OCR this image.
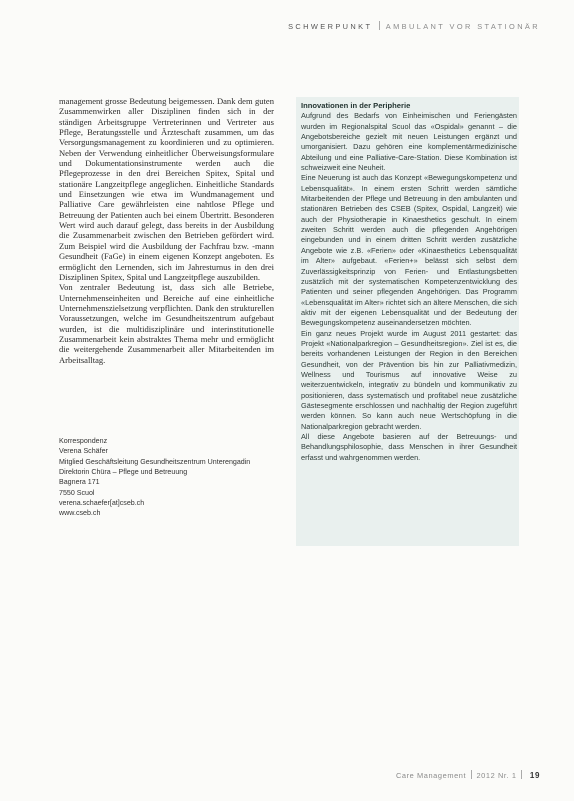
SCHWERPUNKT AMBULANT VOR STATIONÄR

management grosse Bedeutung beigemessen. Dank dem guten Zusammenwirken aller Disziplinen finden sich in der ständigen Arbeitsgruppe Vertreterinnen und Vertreter aus Pflege, Beratungsstelle und Ärzteschaft zusammen, um das Versorgungsmanagement zu koordinieren und zu optimieren. Neben der Verwendung einheitlicher Überweisungsformulare und Dokumentationsinstrumente werden auch die Pflegeprozesse in den drei Bereichen Spitex, Spital und stationäre Langzeitpflege angeglichen. Einheitliche Standards und Einsetzungen wie etwa im Wundmanagement und Palliative Care gewährleisten eine nahtlose Pflege und Betreuung der Patienten auch bei einem Übertritt. Besonderen Wert wird auch darauf gelegt, dass bereits in der Ausbildung die Zusammenarbeit zwischen den Betrieben gefördert wird. Zum Beispiel wird die Ausbildung der Fachfrau bzw. -mann Gesundheit (FaGe) in einem eigenen Konzept angeboten. Es ermöglicht den Lernenden, sich im Jahresturnus in den drei Disziplinen Spitex, Spital und Langzeitpflege auszubilden.

Von zentraler Bedeutung ist, dass sich alle Betriebe, Unternehmenseinheiten und Bereiche auf eine einheitliche Unternehmenszielsetzung verpflichten. Dank den strukturellen Voraussetzungen, welche im Gesundheitszentrum aufgebaut wurden, ist die multidisziplinäre und interinstitutionelle Zusammenarbeit kein abstraktes Thema mehr und ermöglicht die weitergehende Zusammenarbeit aller Mitarbeitenden im Arbeitsalltag.

Korrespondenz
Verena Schäfer
Mitglied Geschäftsleitung Gesundheitszentrum Unterengadin
Direktorin Chüra – Pflege und Betreuung
Bagnera 171
7550 Scuol
verena.schaefer[at]cseb.ch
www.cseb.ch
Innovationen in der Peripherie

Aufgrund des Bedarfs von Einheimischen und Feriengästen wurden im Regionalspital Scuol das «Ospidal» genannt – die Angebotsbereiche gezielt mit neuen Leistungen ergänzt und umorganisiert. Dazu gehören eine komplementärmedizinische Abteilung und eine Palliative-Care-Station. Diese Kombination ist schweizweit eine Neuheit.

Eine Neuerung ist auch das Konzept «Bewegungskompetenz und Lebensqualität». In einem ersten Schritt werden sämtliche Mitarbeitenden der Pflege und Betreuung in den ambulanten und stationären Betrieben des CSEB (Spitex, Ospidal, Langzeit) wie auch der Physiotherapie in Kinaesthetics geschult. In einem zweiten Schritt werden auch die pflegenden Angehörigen eingebunden und in einem dritten Schritt werden zusätzliche Angebote wie z.B. «Ferien» oder «Kinaesthetics Lebensqualität im Alter» aufgebaut. «Ferien+» belässt sich selbst dem Zuverlässigkeitsprinzip von Ferien- und Entlastungsbetten zusätzlich mit der systematischen Kompetenzentwicklung des Patienten und seiner pflegenden Angehörigen. Das Programm «Lebensqualität im Alter» richtet sich an ältere Menschen, die sich aktiv mit der eigenen Lebensqualität und der Bedeutung der Bewegungskompetenz auseinandersetzen möchten.

Ein ganz neues Projekt wurde im August 2011 gestartet: das Projekt «Nationalparkregion – Gesundheitsregion». Ziel ist es, die bereits vorhandenen Leistungen der Region in den Bereichen Gesundheit, von der Prävention bis hin zur Palliativmedizin, Wellness und Tourismus auf innovative Weise zu weiterzuentwickeln, integrativ zu bündeln und kommunikativ zu positionieren, dass systematisch und profitabel neue zusätzliche Gästesegmente erschlossen und nachhaltig der Region zugeführt werden können. So kann auch neue Wertschöpfung in die Nationalparkregion gebracht werden.

All diese Angebote basieren auf der Betreuungs- und Behandlungsphilosophie, dass Menschen in ihrer Gesundheit erfasst und wahrgenommen werden.

Care Management 2012 Nr. 1 19
